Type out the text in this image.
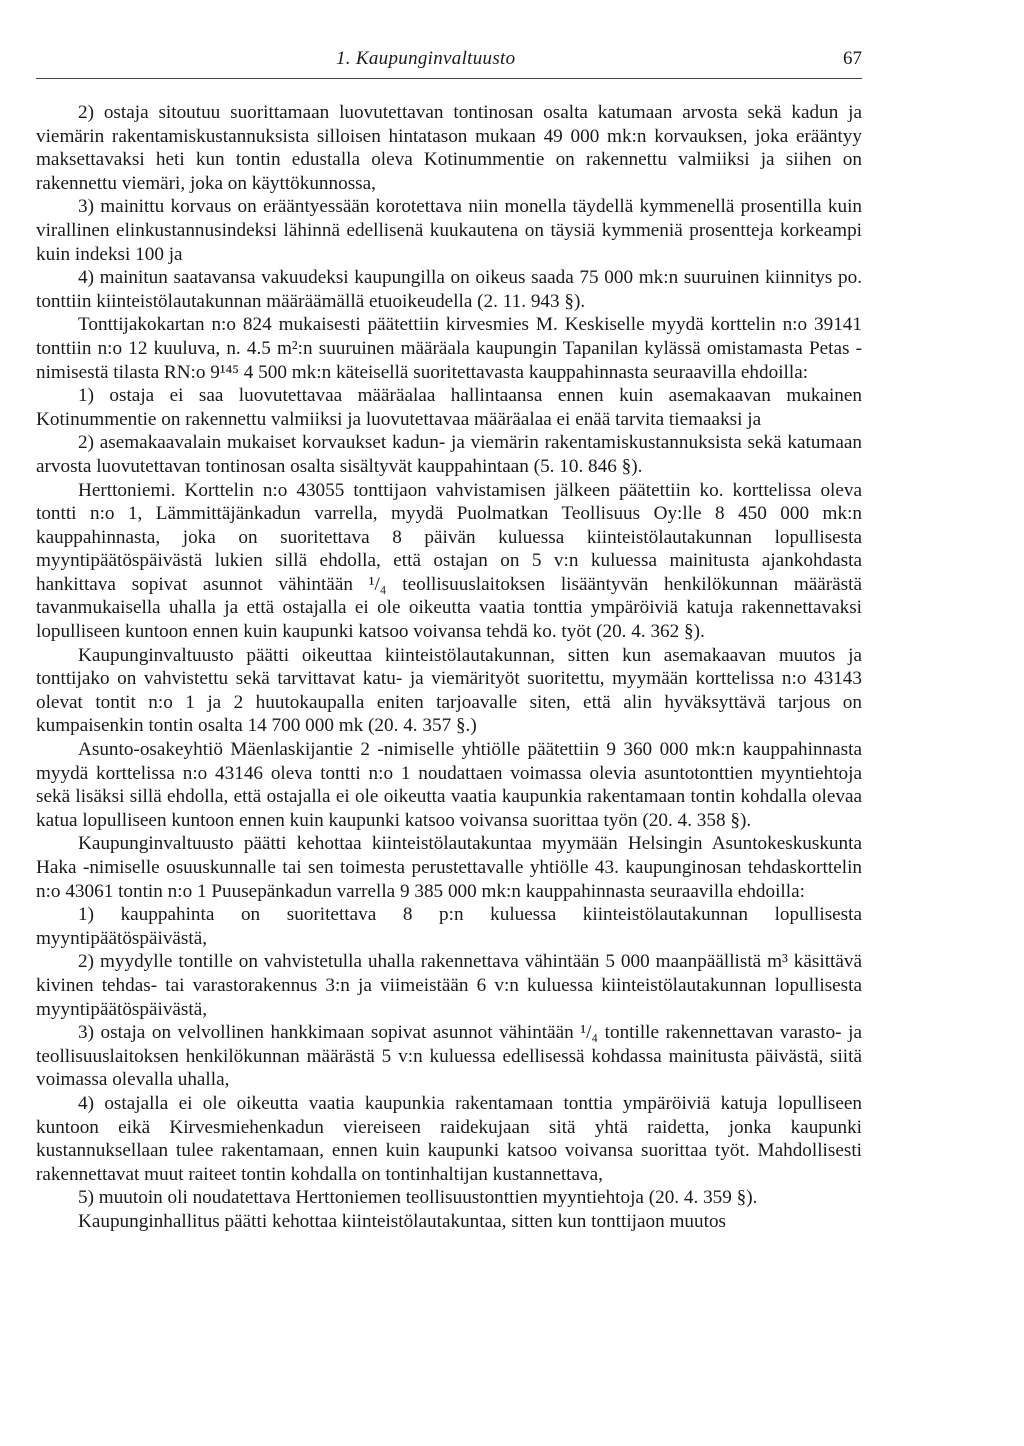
1. Kaupunginvaltuusto	67

2) ostaja sitoutuu suorittamaan luovutettavan tontinosan osalta katumaan arvosta sekä kadun ja viemärin rakentamiskustannuksista silloisen hintatason mukaan 49 000 mk:n korvauksen, joka erääntyy maksettavaksi heti kun tontin edustalla oleva Kotinummentie on rakennettu valmiiksi ja siihen on rakennettu viemäri, joka on käyttökunnossa,

3) mainittu korvaus on erääntyessään korotettava niin monella täydellä kymmenellä prosentilla kuin virallinen elinkustannusindeksi lähinnä edellisenä kuukautena on täysiä kymmeniä prosentteja korkeampi kuin indeksi 100 ja

4) mainitun saatavansa vakuudeksi kaupungilla on oikeus saada 75 000 mk:n suuruinen kiinnitys po. tonttiin kiinteistölautakunnan määräämällä etuoikeudella (2. 11. 943 §).

Tonttijakokartan n:o 824 mukaisesti päätettiin kirvesmies M. Keskiselle myydä korttelin n:o 39141 tonttiin n:o 12 kuuluva, n. 4.5 m²:n suuruinen määräala kaupungin Tapanilan kylässä omistamasta Petas -nimisestä tilasta RN:o 9¹⁴⁵ 4 500 mk:n käteisellä suoritettavasta kauppahinnasta seuraavilla ehdoilla:

1) ostaja ei saa luovutettavaa määräalaa hallintaansa ennen kuin asemakaavan mukainen Kotinummentie on rakennettu valmiiksi ja luovutettavaa määräalaa ei enää tarvita tiemaaksi ja

2) asemakaavalain mukaiset korvaukset kadun- ja viemärin rakentamiskustannuksista sekä katumaan arvosta luovutettavan tontinosan osalta sisältyvät kauppahintaan (5. 10. 846 §).

Herttoniemi. Korttelin n:o 43055 tonttijaon vahvistamisen jälkeen päätettiin ko. korttelissa oleva tontti n:o 1, Lämmittäjänkadun varrella, myydä Puolmatkan Teollisuus Oy:lle 8 450 000 mk:n kauppahinnasta, joka on suoritettava 8 päivän kuluessa kiinteistölautakunnan lopullisesta myyntipäätöspäivästä lukien sillä ehdolla, että ostajan on 5 v:n kuluessa mainitusta ajankohdasta hankittava sopivat asunnot vähintään ¹/₄ teollisuuslaitoksen lisääntyvän henkilökunnan määrästä tavanmukaisella uhalla ja että ostajalla ei ole oikeutta vaatia tonttia ympäröiviä katuja rakennettavaksi lopulliseen kuntoon ennen kuin kaupunki katsoo voivansa tehdä ko. työt (20. 4. 362 §).

Kaupunginvaltuusto päätti oikeuttaa kiinteistölautakunnan, sitten kun asemakaavan muutos ja tonttijako on vahvistettu sekä tarvittavat katu- ja viemärityöt suoritettu, myymään korttelissa n:o 43143 olevat tontit n:o 1 ja 2 huutokaupalla eniten tarjoavalle siten, että alin hyväksyttävä tarjous on kumpaisenkin tontin osalta 14 700 000 mk (20. 4. 357 §.)

Asunto-osakeyhtiö Mäenlaskijantie 2 -nimiselle yhtiölle päätettiin 9 360 000 mk:n kauppahinnasta myydä korttelissa n:o 43146 oleva tontti n:o 1 noudattaen voimassa olevia asuntotonttien myyntiehtoja sekä lisäksi sillä ehdolla, että ostajalla ei ole oikeutta vaatia kaupunkia rakentamaan tontin kohdalla olevaa katua lopulliseen kuntoon ennen kuin kaupunki katsoo voivansa suorittaa työn (20. 4. 358 §).

Kaupunginvaltuusto päätti kehottaa kiinteistölautakuntaa myymään Helsingin Asuntokeskuskunta Haka -nimiselle osuuskunnalle tai sen toimesta perustettavalle yhtiölle 43. kaupunginosan tehdaskorttelin n:o 43061 tontin n:o 1 Puusepänkadun varrella 9 385 000 mk:n kauppahinnasta seuraavilla ehdoilla:

1) kauppahinta on suoritettava 8 p:n kuluessa kiinteistölautakunnan lopullisesta myyntipäätöspäivästä,

2) myydylle tontille on vahvistetulla uhalla rakennettava vähintään 5 000 maanpäällistä m³ käsittävä kivinen tehdas- tai varastorakennus 3:n ja viimeistään 6 v:n kuluessa kiinteistölautakunnan lopullisesta myyntipäätöspäivästä,

3) ostaja on velvollinen hankkimaan sopivat asunnot vähintään ¹/₄ tontille rakennettavan varasto- ja teollisuuslaitoksen henkilökunnan määrästä 5 v:n kuluessa edellisessä kohdassa mainitusta päivästä, siitä voimassa olevalla uhalla,

4) ostajalla ei ole oikeutta vaatia kaupunkia rakentamaan tonttia ympäröiviä katuja lopulliseen kuntoon eikä Kirvesmiehenkadun viereiseen raidekujaan sitä yhtä raidetta, jonka kaupunki kustannuksellaan tulee rakentamaan, ennen kuin kaupunki katsoo voivansa suorittaa työt. Mahdollisesti rakennettavat muut raiteet tontin kohdalla on tontinhaltijan kustannettava,

5) muutoin oli noudatettava Herttoniemen teollisuustonttien myyntiehtoja (20. 4. 359 §).

Kaupunginhallitus päätti kehottaa kiinteistölautakuntaa, sitten kun tonttijaon muutos
